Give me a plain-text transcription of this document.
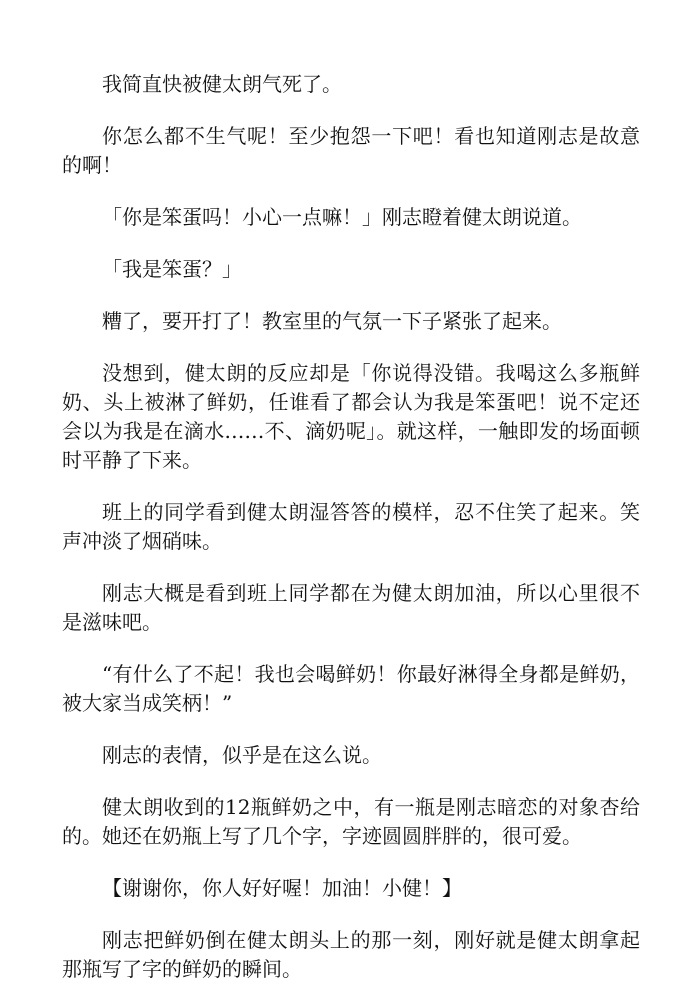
我简直快被健太朗气死了。

你怎么都不生气呢！至少抱怨一下吧！看也知道刚志是故意的啊！

「你是笨蛋吗！小心一点嘛！」刚志瞪着健太朗说道。

「我是笨蛋？」

糟了，要开打了！教室里的气氛一下子紧张了起来。

没想到，健太朗的反应却是「你说得没错。我喝这么多瓶鲜奶、头上被淋了鲜奶，任谁看了都会认为我是笨蛋吧！说不定还会以为我是在滴水……不、滴奶呢」。就这样，一触即发的场面顿时平静了下来。

班上的同学看到健太朗湿答答的模样，忍不住笑了起来。笑声冲淡了烟硝味。

刚志大概是看到班上同学都在为健太朗加油，所以心里很不是滋味吧。

“有什么了不起！我也会喝鲜奶！你最好淋得全身都是鲜奶，被大家当成笑柄！”

刚志的表情，似乎是在这么说。

健太朗收到的12瓶鲜奶之中，有一瓶是刚志暗恋的对象杏给的。她还在奶瓶上写了几个字，字迹圆圆胖胖的，很可爱。

【谢谢你，你人好好喔！加油！小健！】

刚志把鲜奶倒在健太朗头上的那一刻，刚好就是健太朗拿起那瓶写了字的鲜奶的瞬间。
